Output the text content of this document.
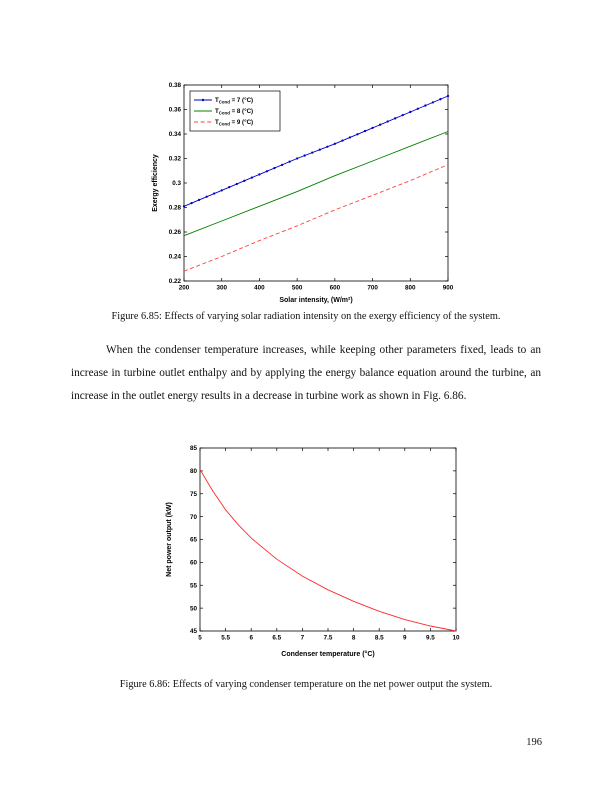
200	300	400	500	600	700	800	900
0.22
0.24
0.26
0.28
0.3
0.32
0.34
0.36
0.38
Solar intensity, (W/m²)
Exergy efficiency
$T_{Cond} = 7$ (°C)
$T_{Cond} = 8$ (°C)
$T_{Cond} = 9$ (°C)
Figure 6.85: Effects of varying solar radiation intensity on the exergy efficiency of the system.

When the condenser temperature increases, while keeping other parameters fixed, leads to an increase in turbine outlet enthalpy and by applying the energy balance equation around the turbine, an increase in the outlet energy results in a decrease in turbine work as shown in Fig. 6.86.

5	5.5	6	6.5	7	7.5	8	8.5	9	9.5	10
45
50
55
60
65
70
75
80
85
Condenser temperature (°C)
Net power output (kW)
Figure 6.86: Effects of varying condenser temperature on the net power output the system.
196
